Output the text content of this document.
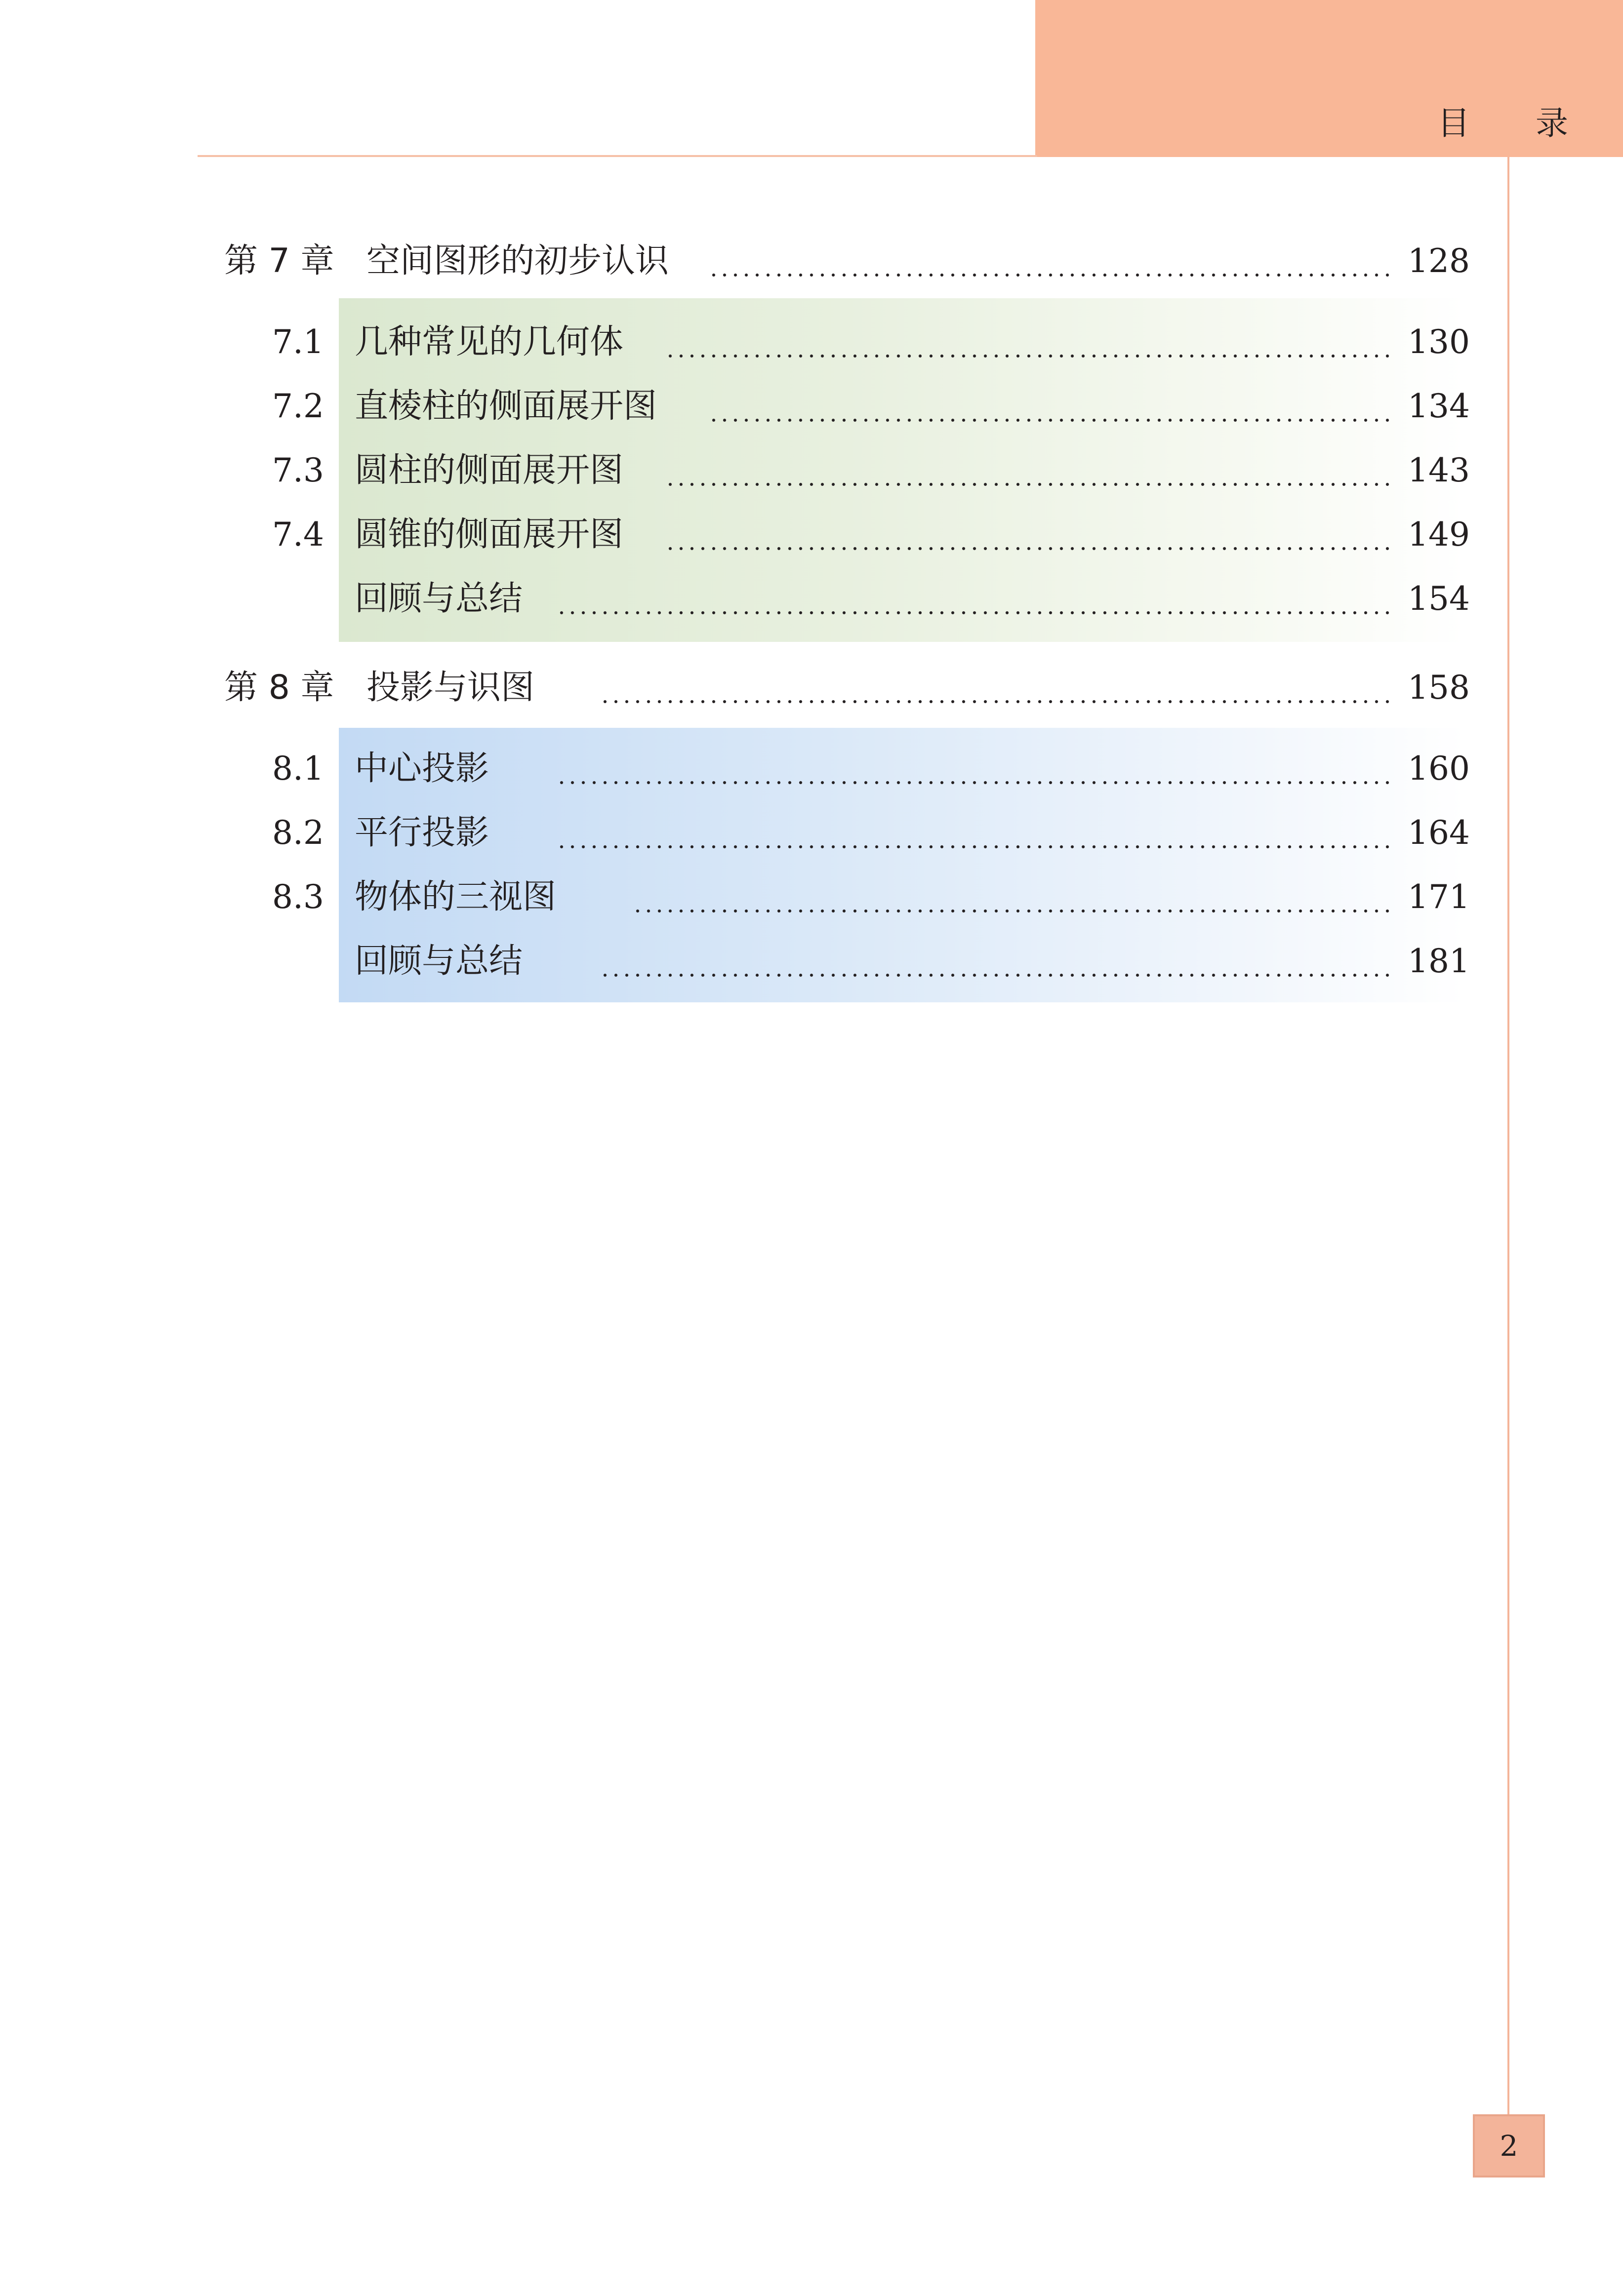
目 录
第 7 章 空间图形的初步认识	128
7.1 几种常见的几何体	130
7.2 直棱柱的侧面展开图	134
7.3 圆柱的侧面展开图	143
7.4 圆锥的侧面展开图	149
回顾与总结	154
第 8 章 投影与识图	158
8.1 中心投影	160
8.2 平行投影	164
8.3 物体的三视图	171
回顾与总结	181
2
